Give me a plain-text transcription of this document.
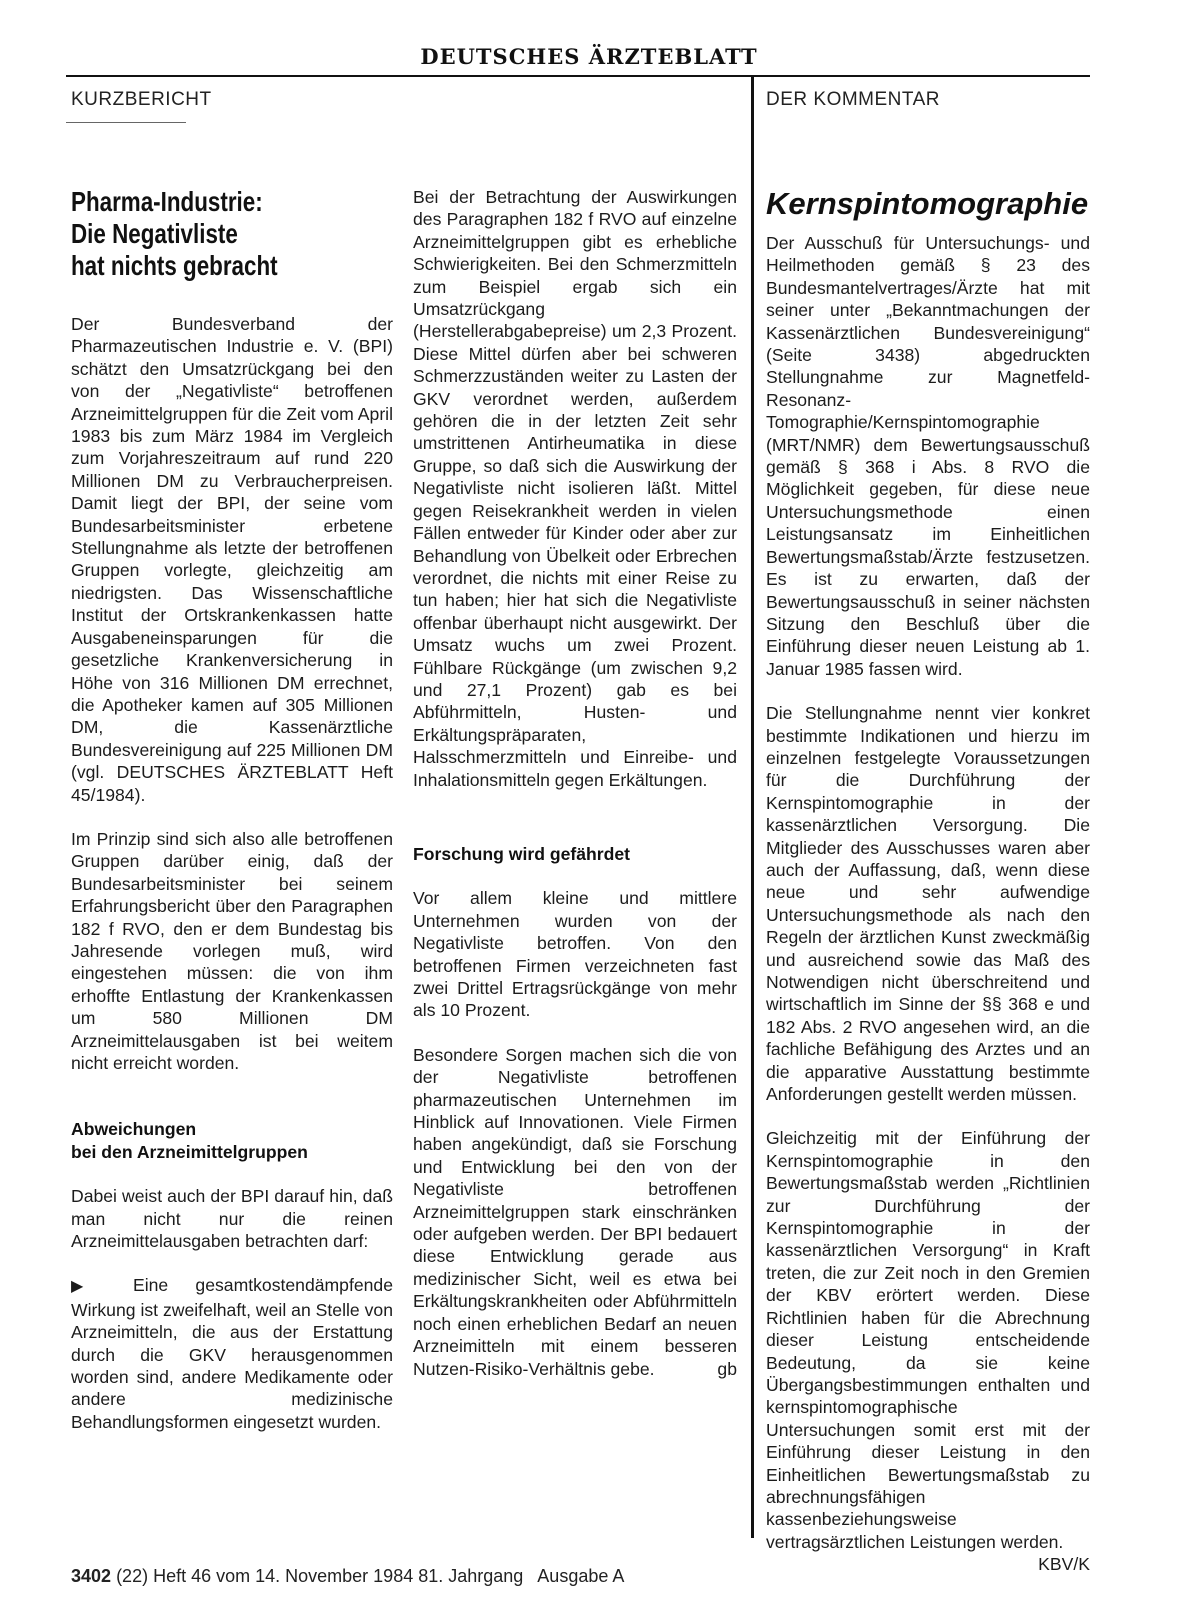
DEUTSCHES ÄRZTEBLATT
KURZBERICHT	DER KOMMENTAR
Pharma-Industrie:
Die Negativliste
hat nichts gebracht

Der Bundesverband der Pharmazeutischen Industrie e. V. (BPI) schätzt den Umsatzrückgang bei den von der „Negativliste“ betroffenen Arzneimittelgruppen für die Zeit vom April 1983 bis zum März 1984 im Vergleich zum Vorjahreszeitraum auf rund 220 Millionen DM zu Verbraucherpreisen. Damit liegt der BPI, der seine vom Bundesarbeitsminister erbetene Stellungnahme als letzte der betroffenen Gruppen vorlegte, gleichzeitig am niedrigsten. Das Wissenschaftliche Institut der Ortskrankenkassen hatte Ausgabeneinsparungen für die gesetzliche Krankenversicherung in Höhe von 316 Millionen DM errechnet, die Apotheker kamen auf 305 Millionen DM, die Kassenärztliche Bundesvereinigung auf 225 Millionen DM (vgl. DEUTSCHES ÄRZTEBLATT Heft 45/1984).

Im Prinzip sind sich also alle betroffenen Gruppen darüber einig, daß der Bundesarbeitsminister bei seinem Erfahrungsbericht über den Paragraphen 182 f RVO, den er dem Bundestag bis Jahresende vorlegen muß, wird eingestehen müssen: die von ihm erhoffte Entlastung der Krankenkassen um 580 Millionen DM Arzneimittelausgaben ist bei weitem nicht erreicht worden.

Abweichungen
bei den Arzneimittelgruppen

Dabei weist auch der BPI darauf hin, daß man nicht nur die reinen Arzneimittelausgaben betrachten darf:

▶ Eine gesamtkostendämpfende Wirkung ist zweifelhaft, weil an Stelle von Arzneimitteln, die aus der Erstattung durch die GKV herausgenommen worden sind, andere Medikamente oder andere medizinische Behandlungsformen eingesetzt wurden.

Bei der Betrachtung der Auswirkungen des Paragraphen 182 f RVO auf einzelne Arzneimittelgruppen gibt es erhebliche Schwierigkeiten. Bei den Schmerzmitteln zum Beispiel ergab sich ein Umsatzrückgang (Herstellerabgabepreise) um 2,3 Prozent. Diese Mittel dürfen aber bei schweren Schmerzzuständen weiter zu Lasten der GKV verordnet werden, außerdem gehören die in der letzten Zeit sehr umstrittenen Antirheumatika in diese Gruppe, so daß sich die Auswirkung der Negativliste nicht isolieren läßt. Mittel gegen Reisekrankheit werden in vielen Fällen entweder für Kinder oder aber zur Behandlung von Übelkeit oder Erbrechen verordnet, die nichts mit einer Reise zu tun haben; hier hat sich die Negativliste offenbar überhaupt nicht ausgewirkt. Der Umsatz wuchs um zwei Prozent. Fühlbare Rückgänge (um zwischen 9,2 und 27,1 Prozent) gab es bei Abführmitteln, Husten- und Erkältungspräparaten, Halsschmerzmitteln und Einreibe- und Inhalationsmitteln gegen Erkältungen.

Forschung wird gefährdet

Vor allem kleine und mittlere Unternehmen wurden von der Negativliste betroffen. Von den betroffenen Firmen verzeichneten fast zwei Drittel Ertragsrückgänge von mehr als 10 Prozent.

Besondere Sorgen machen sich die von der Negativliste betroffenen pharmazeutischen Unternehmen im Hinblick auf Innovationen. Viele Firmen haben angekündigt, daß sie Forschung und Entwicklung bei den von der Negativliste betroffenen Arzneimittelgruppen stark einschränken oder aufgeben werden. Der BPI bedauert diese Entwicklung gerade aus medizinischer Sicht, weil es etwa bei Erkältungskrankheiten oder Abführmitteln noch einen erheblichen Bedarf an neuen Arzneimitteln mit einem besseren Nutzen-Risiko-Verhältnis gebe.	gb

Kernspintomographie

Der Ausschuß für Untersuchungs- und Heilmethoden gemäß § 23 des Bundesmantelvertrages/Ärzte hat mit seiner unter „Bekanntmachungen der Kassenärztlichen Bundesvereinigung“ (Seite 3438) abgedruckten Stellungnahme zur Magnetfeld-Resonanz-Tomographie/Kernspintomographie (MRT/NMR) dem Bewertungsausschuß gemäß § 368 i Abs. 8 RVO die Möglichkeit gegeben, für diese neue Untersuchungsmethode einen Leistungsansatz im Einheitlichen Bewertungsmaßstab/Ärzte festzusetzen. Es ist zu erwarten, daß der Bewertungsausschuß in seiner nächsten Sitzung den Beschluß über die Einführung dieser neuen Leistung ab 1. Januar 1985 fassen wird.

Die Stellungnahme nennt vier konkret bestimmte Indikationen und hierzu im einzelnen festgelegte Voraussetzungen für die Durchführung der Kernspintomographie in der kassenärztlichen Versorgung. Die Mitglieder des Ausschusses waren aber auch der Auffassung, daß, wenn diese neue und sehr aufwendige Untersuchungsmethode als nach den Regeln der ärztlichen Kunst zweckmäßig und ausreichend sowie das Maß des Notwendigen nicht überschreitend und wirtschaftlich im Sinne der §§ 368 e und 182 Abs. 2 RVO angesehen wird, an die fachliche Befähigung des Arztes und an die apparative Ausstattung bestimmte Anforderungen gestellt werden müssen.

Gleichzeitig mit der Einführung der Kernspintomographie in den Bewertungsmaßstab werden „Richtlinien zur Durchführung der Kernspintomographie in der kassenärztlichen Versorgung“ in Kraft treten, die zur Zeit noch in den Gremien der KBV erörtert werden. Diese Richtlinien haben für die Abrechnung dieser Leistung entscheidende Bedeutung, da sie keine Übergangsbestimmungen enthalten und kernspintomographische Untersuchungen somit erst mit der Einführung dieser Leistung in den Einheitlichen Bewertungsmaßstab zu abrechnungsfähigen kassenbeziehungsweise vertragsärztlichen Leistungen werden.
KBV/K

3402 (22) Heft 46 vom 14. November 1984 81. Jahrgang   Ausgabe A
